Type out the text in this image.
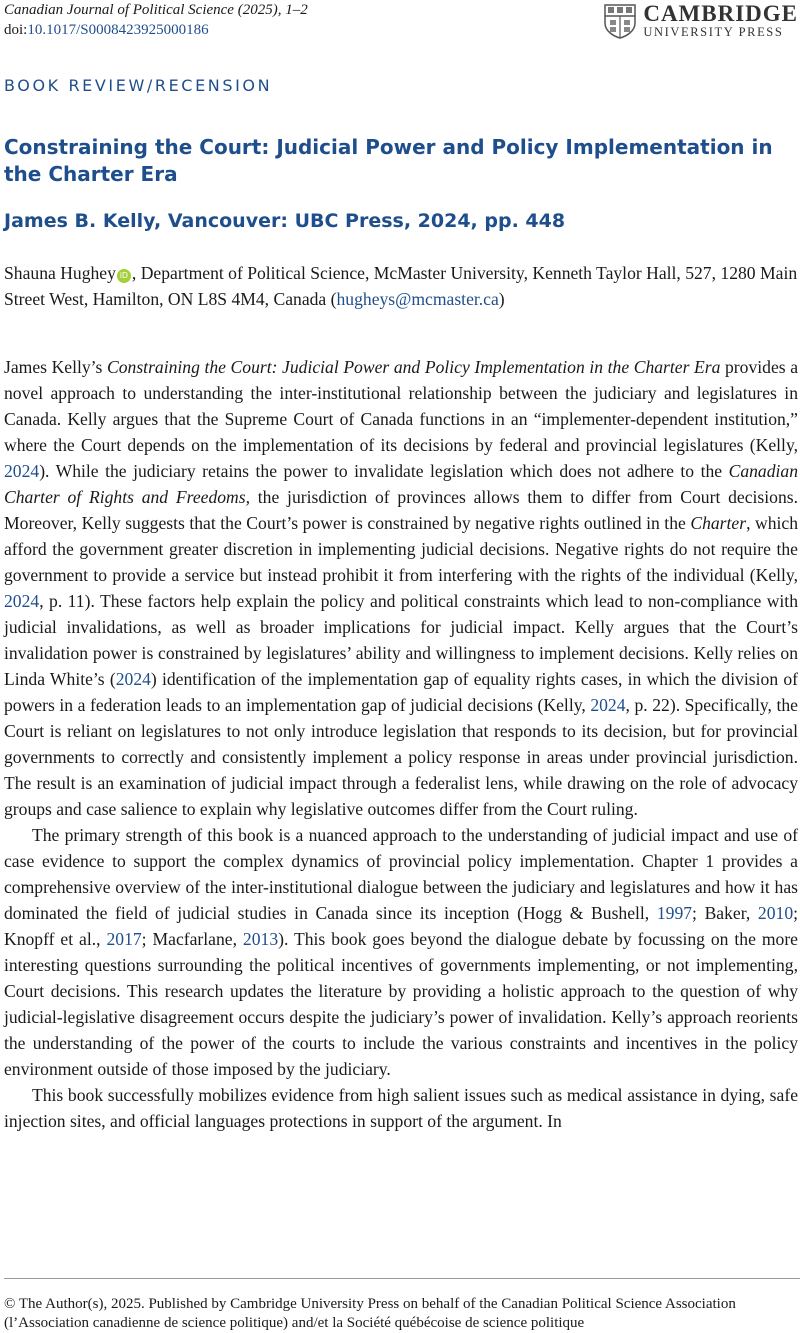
Canadian Journal of Political Science (2025), 1–2
doi:10.1017/S0008423925000186
CAMBRIDGE
UNIVERSITY PRESS
BOOK REVIEW/RECENSION
Constraining the Court: Judicial Power and Policy Implementation in the Charter Era
James B. Kelly, Vancouver: UBC Press, 2024, pp. 448
Shauna Hughey iD , Department of Political Science, McMaster University, Kenneth Taylor Hall, 527, 1280 Main Street West, Hamilton, ON L8S 4M4, Canada (hugheys@mcmaster.ca)

James Kelly’s Constraining the Court: Judicial Power and Policy Implementation in the Charter Era provides a novel approach to understanding the inter-institutional relationship between the judiciary and legislatures in Canada. Kelly argues that the Supreme Court of Canada functions in an “implementer-dependent institution,” where the Court depends on the implementation of its decisions by federal and provincial legislatures (Kelly, 2024). While the judiciary retains the power to invalidate legislation which does not adhere to the Canadian Charter of Rights and Freedoms, the jurisdiction of provinces allows them to differ from Court decisions. Moreover, Kelly suggests that the Court’s power is constrained by negative rights outlined in the Charter, which afford the government greater discretion in implementing judicial decisions. Negative rights do not require the government to provide a service but instead prohibit it from interfering with the rights of the individual (Kelly, 2024, p. 11). These factors help explain the policy and political constraints which lead to non-compliance with judicial invalidations, as well as broader implications for judicial impact. Kelly argues that the Court’s invalidation power is constrained by legislatures’ ability and willingness to implement decisions. Kelly relies on Linda White’s (2024) identification of the implementation gap of equality rights cases, in which the division of powers in a federation leads to an implementation gap of judicial decisions (Kelly, 2024, p. 22). Specifically, the Court is reliant on legislatures to not only introduce legislation that responds to its decision, but for provincial governments to correctly and consistently implement a policy response in areas under provincial jurisdiction. The result is an examination of judicial impact through a federalist lens, while drawing on the role of advocacy groups and case salience to explain why legislative outcomes differ from the Court ruling.

The primary strength of this book is a nuanced approach to the understanding of judicial impact and use of case evidence to support the complex dynamics of provincial policy implementation. Chapter 1 provides a comprehensive overview of the inter-institutional dialogue between the judiciary and legislatures and how it has dominated the field of judicial studies in Canada since its inception (Hogg & Bushell, 1997; Baker, 2010; Knopff et al., 2017; Macfarlane, 2013). This book goes beyond the dialogue debate by focussing on the more interesting questions surrounding the political incentives of governments implementing, or not implementing, Court decisions. This research updates the literature by providing a holistic approach to the question of why judicial-legislative disagreement occurs despite the judiciary’s power of invalidation. Kelly’s approach reorients the understanding of the power of the courts to include the various constraints and incentives in the policy environment outside of those imposed by the judiciary.

This book successfully mobilizes evidence from high salient issues such as medical assistance in dying, safe injection sites, and official languages protections in support of the argument. In

© The Author(s), 2025. Published by Cambridge University Press on behalf of the Canadian Political Science Association

(l’Association canadienne de science politique) and/et la Société québécoise de science politique
